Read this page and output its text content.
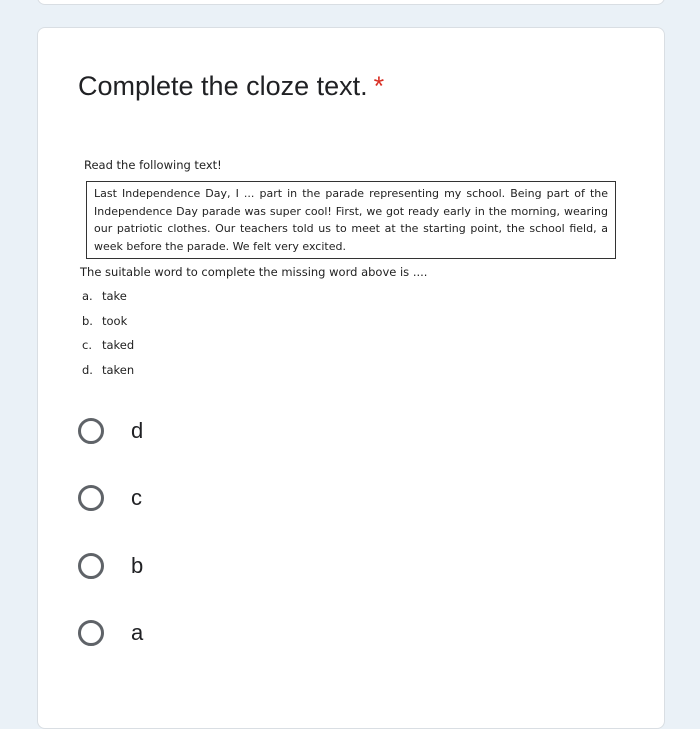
Complete the cloze text. *

Read the following text!

Last Independence Day, I ... part in the parade representing my school. Being part of the Independence Day parade was super cool! First, we got ready early in the morning, wearing our patriotic clothes. Our teachers told us to meet at the starting point, the school field, a week before the parade. We felt very excited.

The suitable word to complete the missing word above is ....

a. take
b. took
c. taked
d. taken
d
c
b
a
